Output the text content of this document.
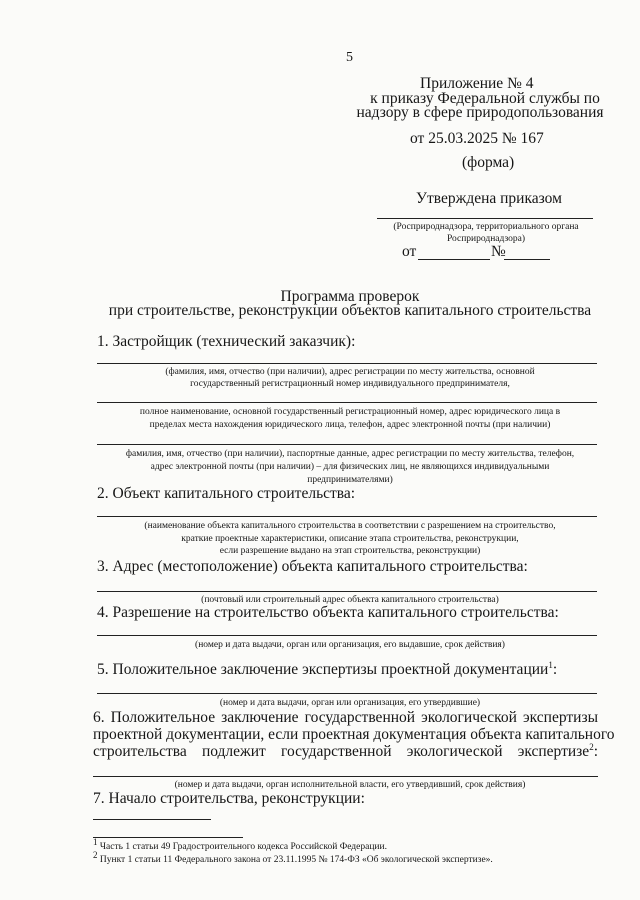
5
Приложение № 4
к приказу Федеральной службы по
надзору в сфере природопользования
от 25.03.2025 № 167
(форма)
Утверждена приказом
(Росприроднадзора, территориального органа
Росприроднадзора)
от	№
Программа проверок
при строительстве, реконструкции объектов капитального строительства
1. Застройщик (технический заказчик):
(фамилия, имя, отчество (при наличии), адрес регистрации по месту жительства, основной
государственный регистрационный номер индивидуального предпринимателя,
полное наименование, основной государственный регистрационный номер, адрес юридического лица в
пределах места нахождения юридического лица, телефон, адрес электронной почты (при наличии)
фамилия, имя, отчество (при наличии), паспортные данные, адрес регистрации по месту жительства, телефон,
адрес электронной почты (при наличии) – для физических лиц, не являющихся индивидуальными
предпринимателями)
2. Объект капитального строительства:
(наименование объекта капитального строительства в соответствии с разрешением на строительство,
краткие проектные характеристики, описание этапа строительства, реконструкции,
если разрешение выдано на этап строительства, реконструкции)
3. Адрес (местоположение) объекта капитального строительства:
(почтовый или строительный адрес объекта капитального строительства)
4. Разрешение на строительство объекта капитального строительства:
(номер и дата выдачи, орган или организация, его выдавшие, срок действия)
5. Положительное заключение экспертизы проектной документации$^1$:
(номер и дата выдачи, орган или организация, его утвердившие)
6. Положительное заключение государственной экологической экспертизы
проектной документации, если проектная документация объекта капитального
строительства подлежит государственной экологической экспертизе$^2$:
(номер и дата выдачи, орган исполнительной власти, его утвердивший, срок действия)
7. Начало строительства, реконструкции:
$^1$ Часть 1 статьи 49 Градостроительного кодекса Российской Федерации.
$^2$ Пункт 1 статьи 11 Федерального закона от 23.11.1995 № 174-ФЗ «Об экологической экспертизе».
